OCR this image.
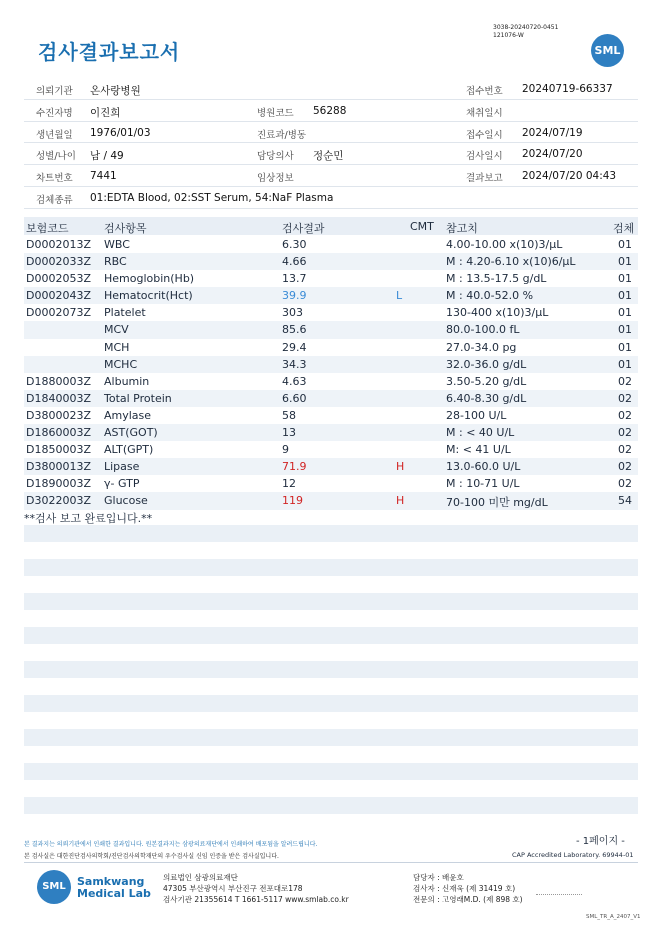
검사결과보고서
3038-20240720-0451
121076-W
SML
의뢰기관 온사랑병원	접수번호 20240719-66337
수진자명 이진희	병원코드 56288	채취일시
생년월일 1976/01/03	진료과/병동	접수일시 2024/07/19
성별/나이 남 / 49	담당의사 정순민	검사일시 2024/07/20
차트번호 7441	임상정보	결과보고 2024/07/20 04:43
검체종류 01:EDTA Blood, 02:SST Serum, 54:NaF Plasma
보험코드	검사항목	검사결과	CMT 참고치	검체
D0002013Z WBC	6.30	4.00-10.00 x(10)3/μL	01
D0002033Z RBC	4.66	M : 4.20-6.10 x(10)6/μL	01
D0002053Z Hemoglobin(Hb)	13.7	M : 13.5-17.5 g/dL	01
D0002043Z Hematocrit(Hct)	39.9	L	M : 40.0-52.0 %	01
D0002073Z Platelet	303	130-400 x(10)3/μL	01
MCV	85.6	80.0-100.0 fL	01
MCH	29.4	27.0-34.0 pg	01
MCHC	34.3	32.0-36.0 g/dL	01
D1880003Z Albumin	4.63	3.50-5.20 g/dL	02
D1840003Z Total Protein	6.60	6.40-8.30 g/dL	02
D3800023Z Amylase	58	28-100 U/L	02
D1860003Z AST(GOT)	13	M : < 40 U/L	02
D1850003Z ALT(GPT)	9	M: < 41 U/L	02
D3800013Z Lipase	71.9	H	13.0-60.0 U/L	02
D1890003Z γ- GTP	12	M : 10-71 U/L	02
D3022003Z Glucose	119	H	70-100 미만 mg/dL	54
**검사 보고 완료입니다.**
- 1페이지 -
본 결과지는 의뢰기관에서 인쇄한 결과입니다. 원본결과지는 삼광의료재단에서 인쇄하여 배포됨을 알려드립니다.
본 검사실은 대한진단검사의학회/진단검사의학재단의 우수검사실 신임 인증을 받은 검사실입니다.	CAP Accredited Laboratory. 69944-01
SML	Samkwang
Medical Lab
의료법인 삼광의료재단
47305 부산광역시 부산진구 전포대로178
검사기관 21355614 T 1661-5117 www.smlab.co.kr
담당자 : 배윤호
검사자 : 신재욱 (제 31419 호)
전문의 : 고영래M.D. (제 898 호)
SML_TR_A_2407_V1
